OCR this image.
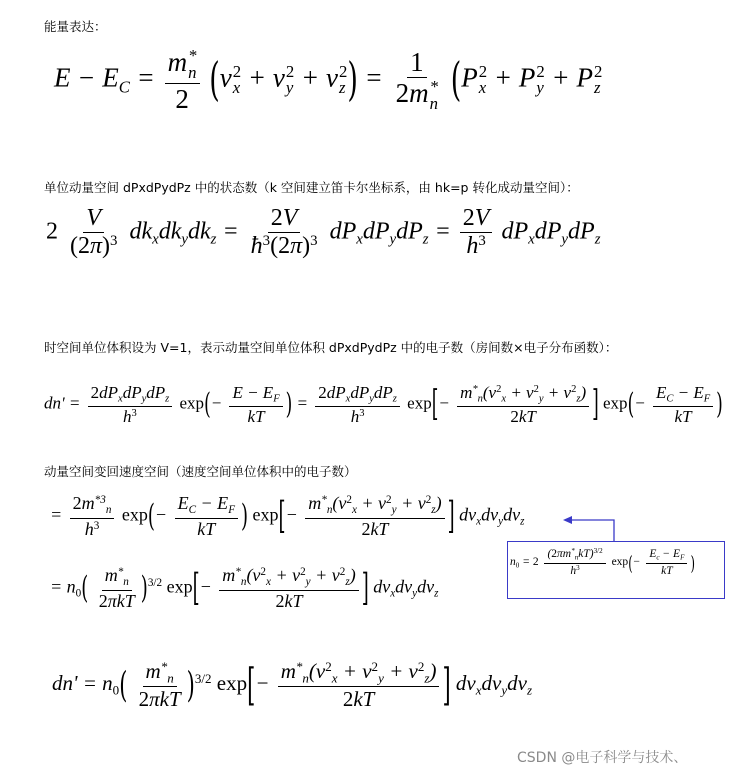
能量表达：
$E - E_C = m$ *
n
2 (v 2
x + v 2
y + v 2
z ) = 1
2m *
n (P 2
x + P 2
y + P 2
z
单位动量空间 dPxdPydPz 中的状态数（k 空间建立笛卡尔坐标系，由 hk=p 转化成动量空间）：
$2 \frac{V}{(2\pi)^3} dk_xdk_ydk_z = \frac{2V}{ħ^3(2\pi)^3} dP_xdP_ydP_z = \frac{2V}{h^3} dP_xdP_ydP_z$
时空间单位体积设为 V=1，表示动量空间单位体积 dPxdPydPz 中的电子数（房间数×电子分布函数）：
$dn' = \frac{2dP_xdP_ydP_z}{h^3} \exp(- \frac{E - E_F}{kT}$ ) = $\frac{2dP_xdP_ydP_z}{h^3} \exp[- \frac{m^*_n(v^2_x + v^2_y + v^2_z)}{2kT}$ ] $\exp(- \frac{E_C - E_F}{kT}$ )
动量空间变回速度空间（速度空间单位体积中的电子数）
= $\frac{2m^{*3}_n}{h^3} \exp(- \frac{E_C - E_F}{kT}$ ) $\exp[- \frac{m^*_n(v^2_x + v^2_y + v^2_z)}{2kT}$ ] $dv_xdv_ydv_z$
= $n_0( \frac{m^*_n}{\text{2πkT}} )^{3/2}$ $\exp[- \frac{m^*_n(v^2_x + v^2_y + v^2_z)}{2kT}$ ] $dv_xdv_ydv_z$
$n_0 = 2 \frac{(2\pi m^*_nkT)^{3/2}}{h^3} \exp(- \frac{E_c - E_F}{kT}$ )
$dn' = n_0( \frac{m^*_n}{\text{2πkT}} )^{3/2}$ $\exp[- \frac{m^*_n(v^2_x + v^2_y + v^2_z)}{2kT}$ ] $dv_xdv_ydv_z$
CSDN @电子科学与技术、
